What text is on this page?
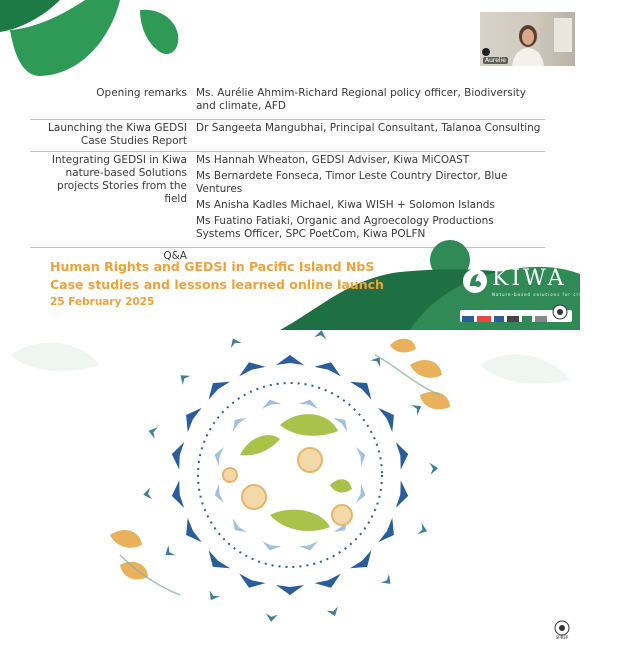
Aurelie
Opening remarks	Ms. Aurélie Ahmim-Richard Regional policy officer, Biodiversity and climate, AFD

Launching the Kiwa GEDSI Case Studies Report	Dr Sangeeta Mangubhai, Principal Consultant, Talanoa Consulting

Integrating GEDSI in Kiwa nature-based Solutions projects Stories from the field	Ms Hannah Wheaton, GEDSI Adviser, Kiwa MiCOAST
Ms Bernardete Fonseca, Timor Leste Country Director, Blue Ventures
Ms Anisha Kadles Michael, Kiwa WISH + Solomon Islands
Ms Fuatino Fatiaki, Organic and Agroecology Productions Systems Officer, SPC PoetCom, Kiwa POLFN

Q&A	
KIWA
Nature-based solutions for climate resilience
Human Rights and GEDSI in Pacific Island NbS
Case studies and lessons learned online launch
25 February 2025
SPREP
